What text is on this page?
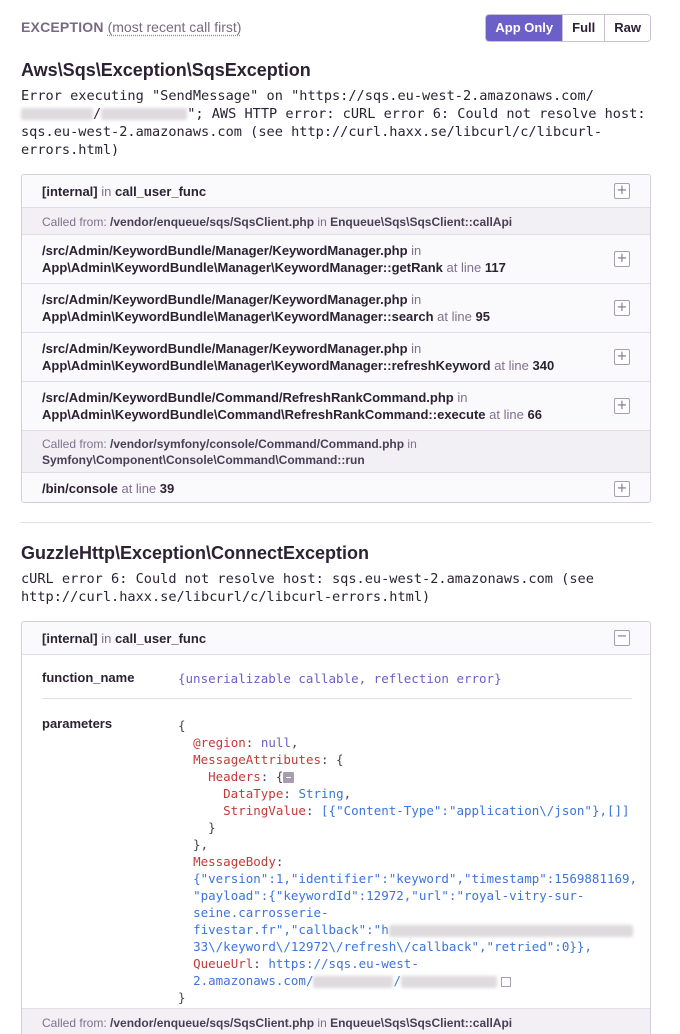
EXCEPTION (most recent call first)	App Only	Full	Raw
Aws\Sqs\Exception\SqsException
Error executing "SendMessage" on "https://sqs.eu-west-2.amazonaws.com//	"; AWS HTTP error: cURL error 6: Could not resolve host: sqs.eu-west-2.amazonaws.com (see http://curl.haxx.se/libcurl/c/libcurl-errors.html)
[internal] in call_user_func	+
Called from: /vendor/enqueue/sqs/SqsClient.php in Enqueue\Sqs\SqsClient::callApi
/src/Admin/KeywordBundle/Manager/KeywordManager.php in
App\Admin\KeywordBundle\Manager\KeywordManager::getRank at line 117
+
/src/Admin/KeywordBundle/Manager/KeywordManager.php in
App\Admin\KeywordBundle\Manager\KeywordManager::search at line 95
+
/src/Admin/KeywordBundle/Manager/KeywordManager.php in
App\Admin\KeywordBundle\Manager\KeywordManager::refreshKeyword at line 340
+
/src/Admin/KeywordBundle/Command/RefreshRankCommand.php in
App\Admin\KeywordBundle\Command\RefreshRankCommand::execute at line 66
+
Called from: /vendor/symfony/console/Command/Command.php in
Symfony\Component\Console\Command\Command::run
/bin/console at line 39	+
GuzzleHttp\Exception\ConnectException
cURL error 6: Could not resolve host: sqs.eu-west-2.amazonaws.com (see http://curl.haxx.se/libcurl/c/libcurl-errors.html)
[internal] in call_user_func	−
function_name	{unserializable callable, reflection error}
parameters	{
@region: null,
MessageAttributes: {
Headers: {
DataType: String,
StringValue: [{"Content-Type":"application\/json"},[]]
}
},
MessageBody:
{"version":1,"identifier":"keyword","timestamp":1569881169,
"payload":{"keywordId":12972,"url":"royal-vitry-sur-
seine.carrosserie-
fivestar.fr","callback":"h
33\/keyword\/12972\/refresh\/callback","retried":0}},
QueueUrl: https://sqs.eu-west-
2.amazonaws.com/	/
}
Called from: /vendor/enqueue/sqs/SqsClient.php in Enqueue\Sqs\SqsClient::callApi
